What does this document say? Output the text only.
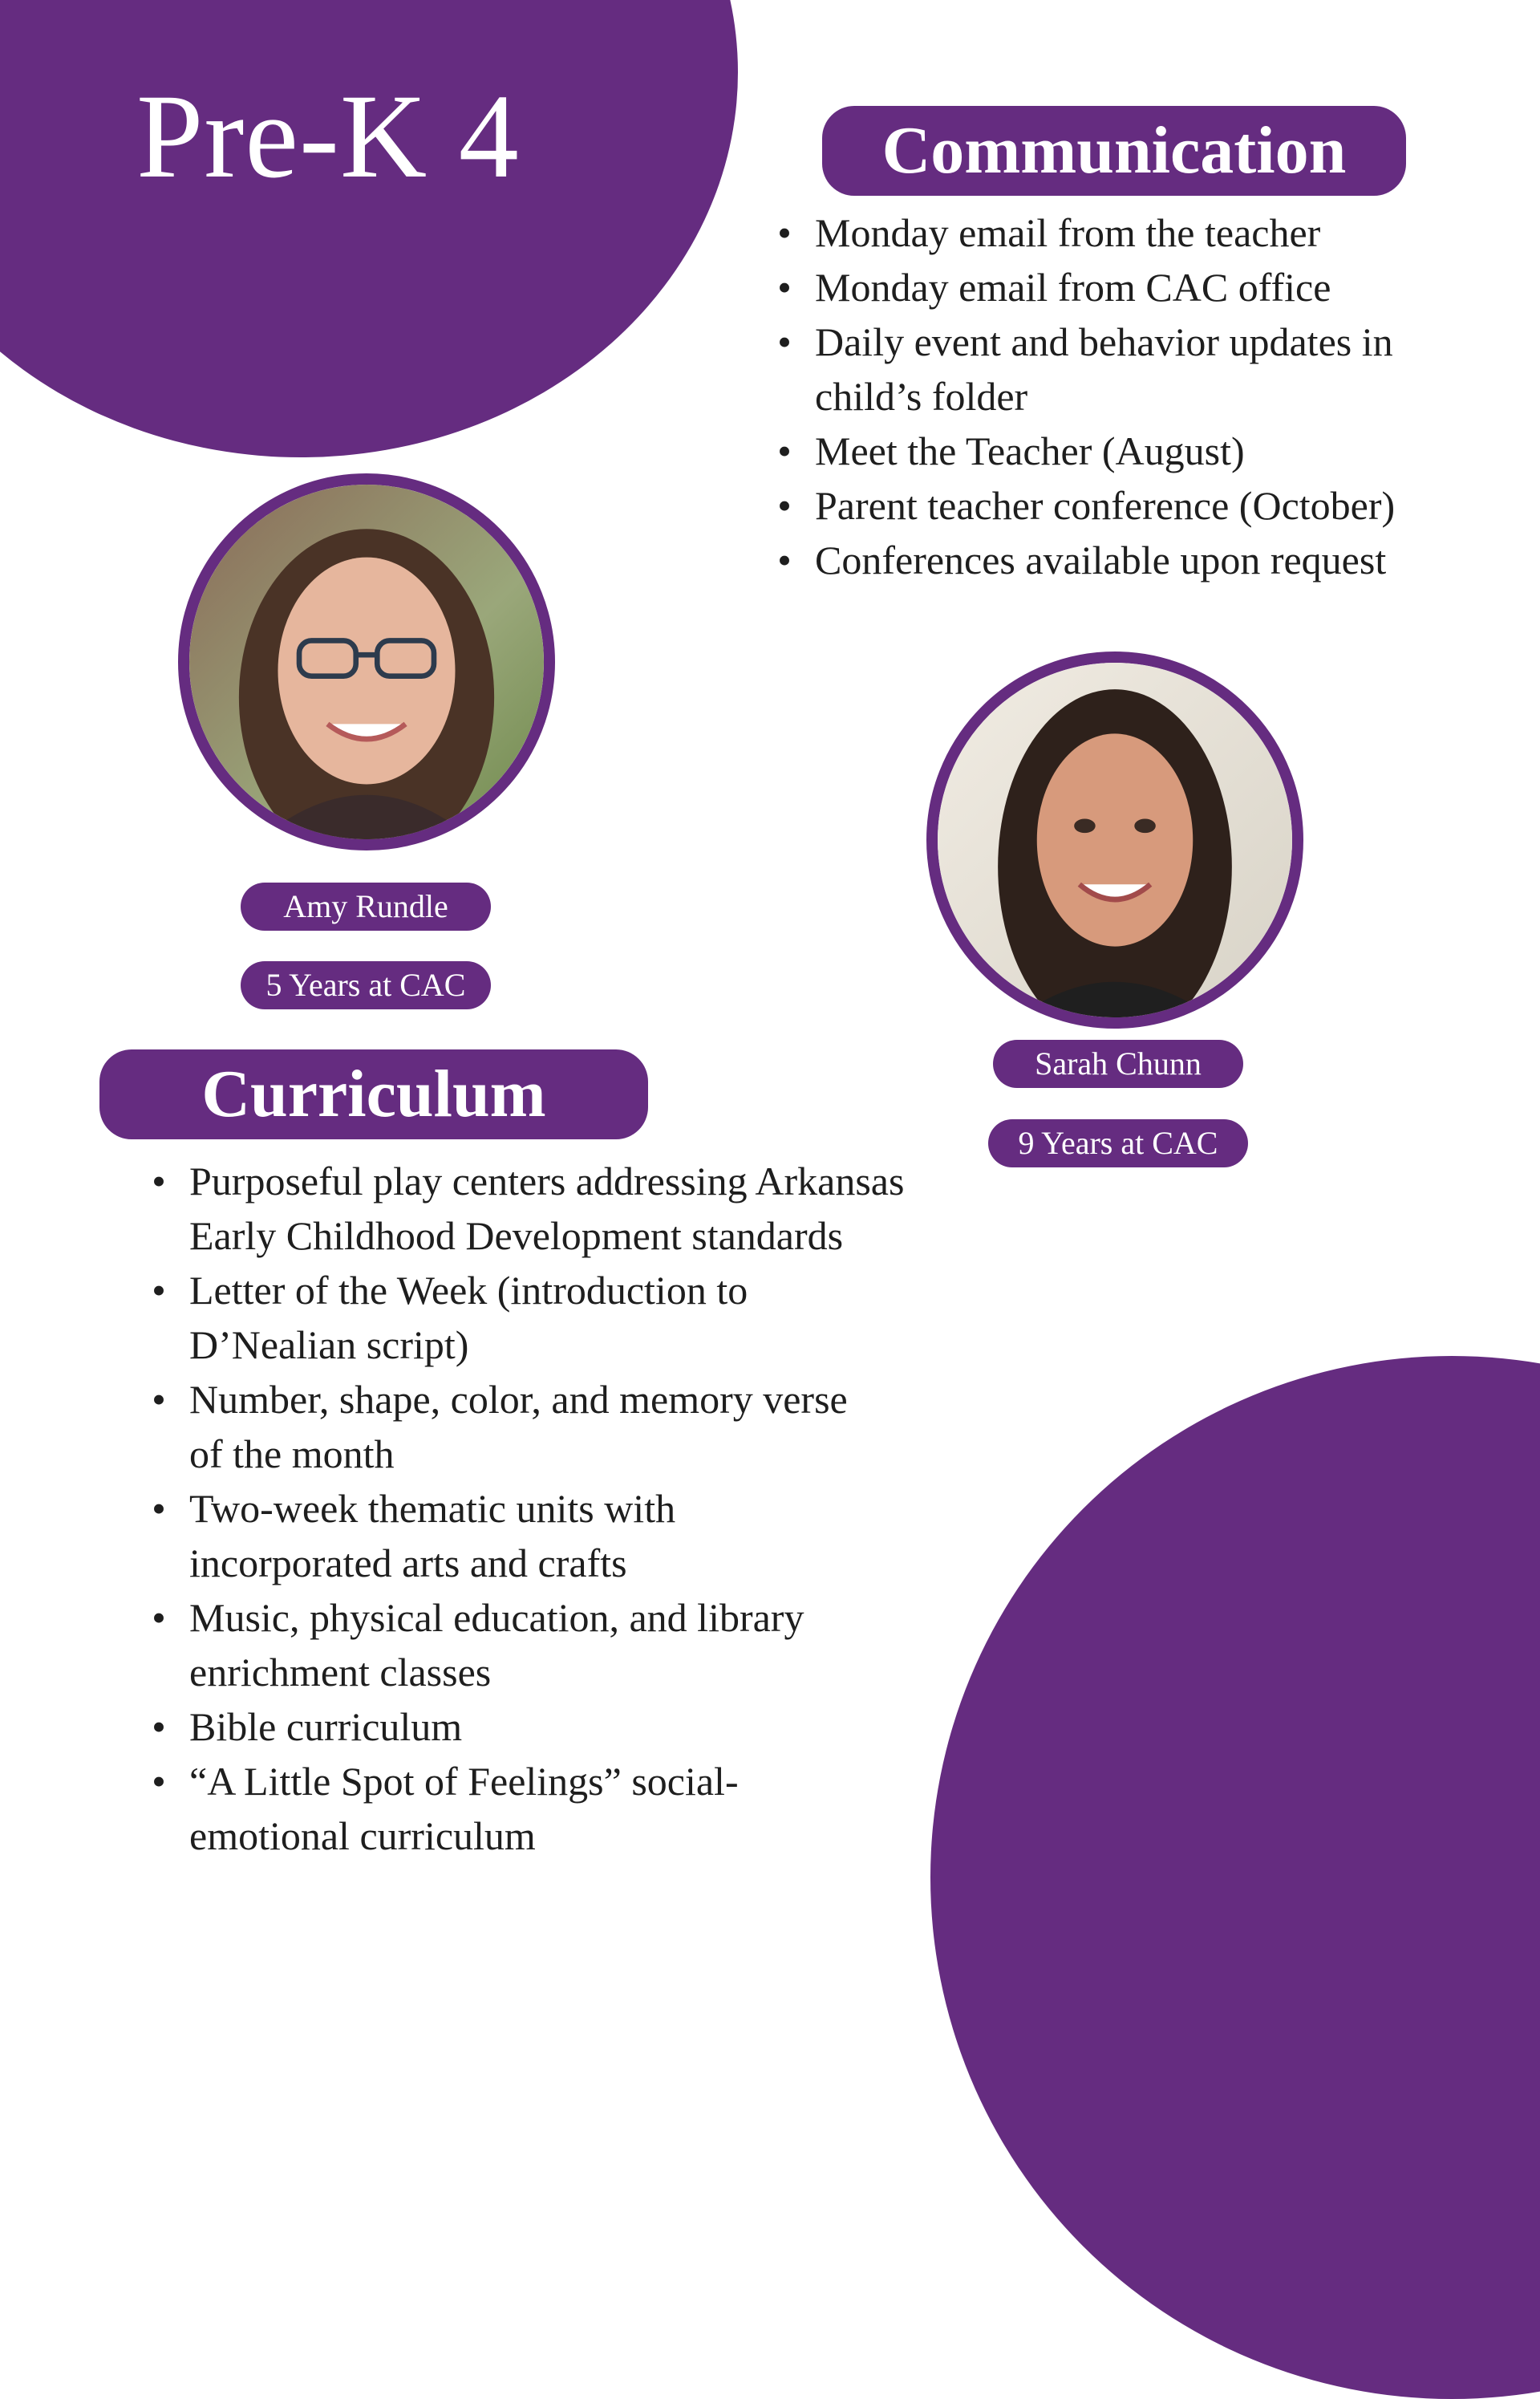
Pre-K 4	Communication
• Monday email from the teacher
• Monday email from CAC office
• Daily event and behavior updates in child’s folder
• Meet the Teacher (August)
• Parent teacher conference (October)
• Conferences available upon request
Amy Rundle
5 Years at CAC
Sarah Chunn
9 Years at CAC
Curriculum
• Purposeful play centers addressing Arkansas Early Childhood Development standards
• Letter of the Week (introduction to D’Nealian script)
• Number, shape, color, and memory verse of the month
• Two-week thematic units with incorporated arts and crafts
• Music, physical education, and library enrichment classes
• Bible curriculum
• “A Little Spot of Feelings” social-emotional curriculum
